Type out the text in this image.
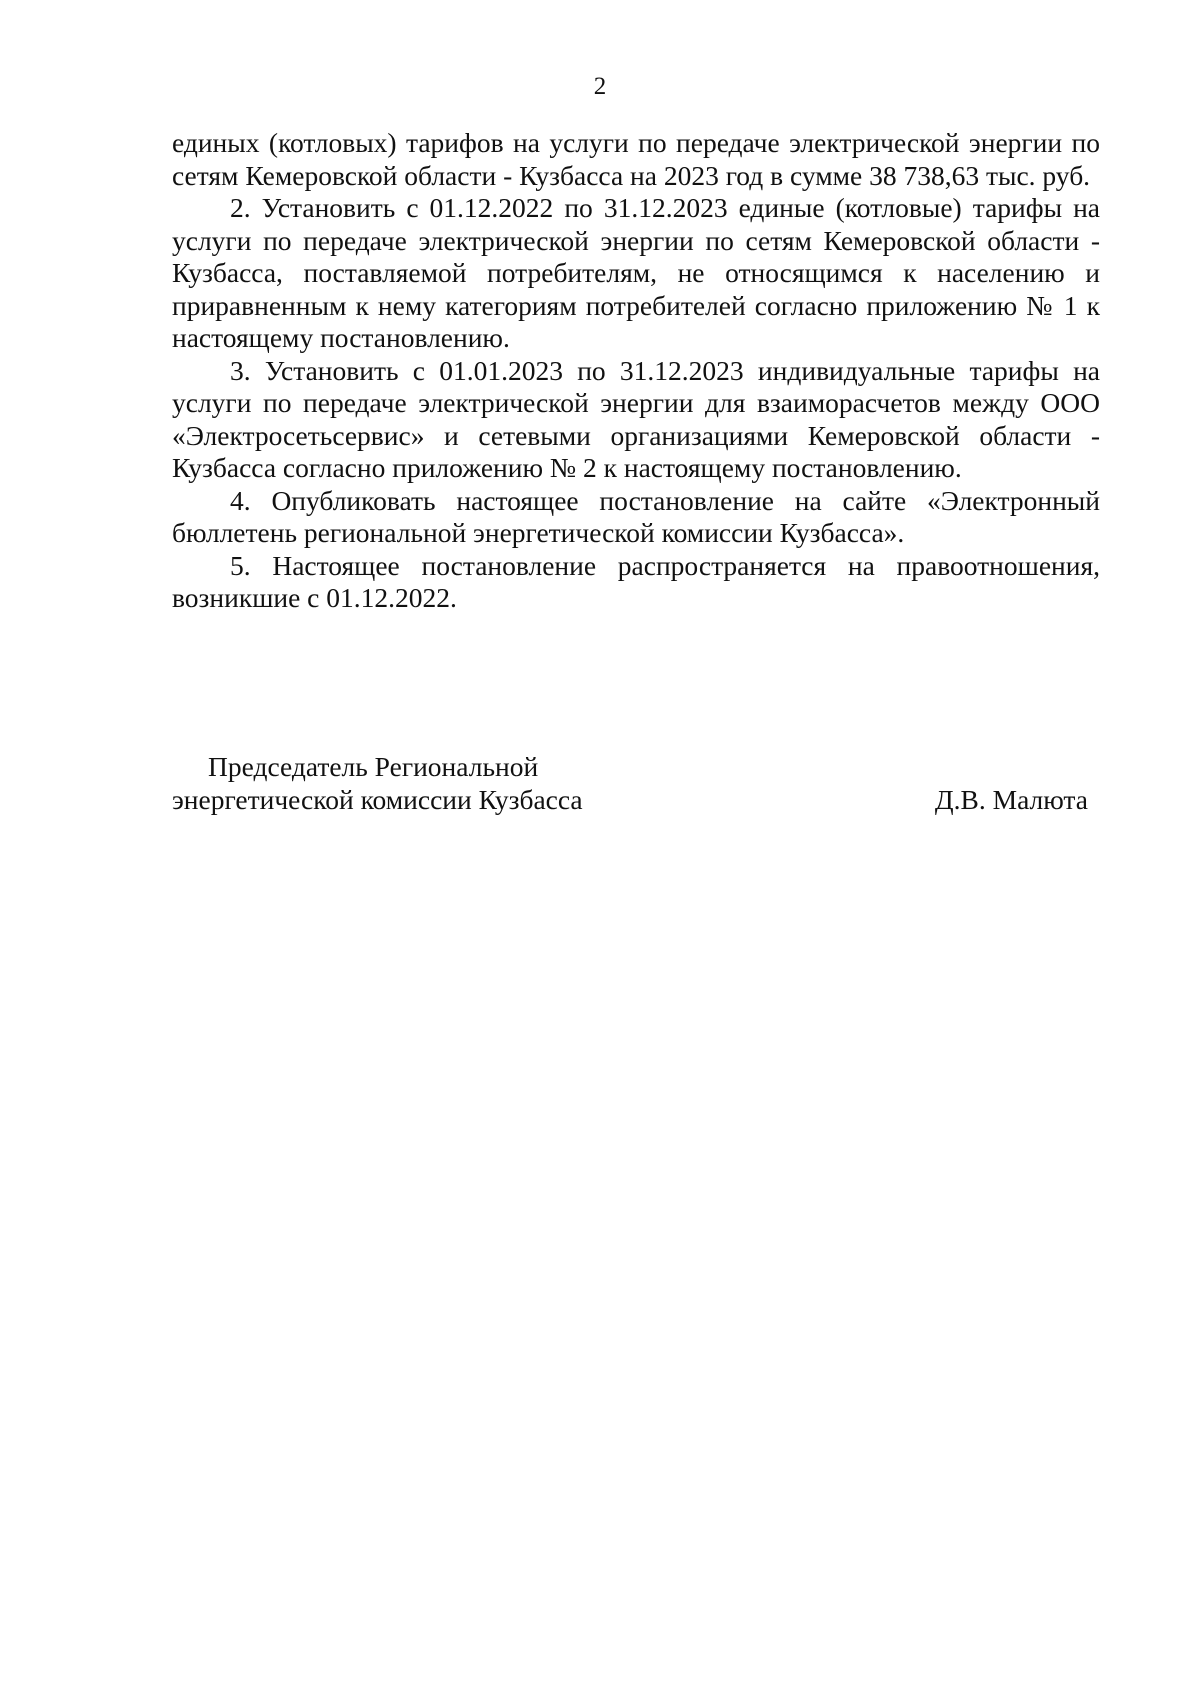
2

единых (котловых) тарифов на услуги по передаче электрической энергии по сетям Кемеровской области - Кузбасса на 2023 год в сумме 38 738,63 тыс. руб.

2. Установить с 01.12.2022 по 31.12.2023 единые (котловые) тарифы на услуги по передаче электрической энергии по сетям Кемеровской области - Кузбасса, поставляемой потребителям, не относящимся к населению и приравненным к нему категориям потребителей согласно приложению № 1 к настоящему постановлению.

3. Установить с 01.01.2023 по 31.12.2023 индивидуальные тарифы на услуги по передаче электрической энергии для взаиморасчетов между ООО «Электросетьсервис» и сетевыми организациями Кемеровской области - Кузбасса согласно приложению № 2 к настоящему постановлению.

4. Опубликовать настоящее постановление на сайте «Электронный бюллетень региональной энергетической комиссии Кузбасса».

5. Настоящее постановление распространяется на правоотношения, возникшие с 01.12.2022.

Председатель Региональной
энергетической комиссии Кузбасса	Д.В. Малюта
